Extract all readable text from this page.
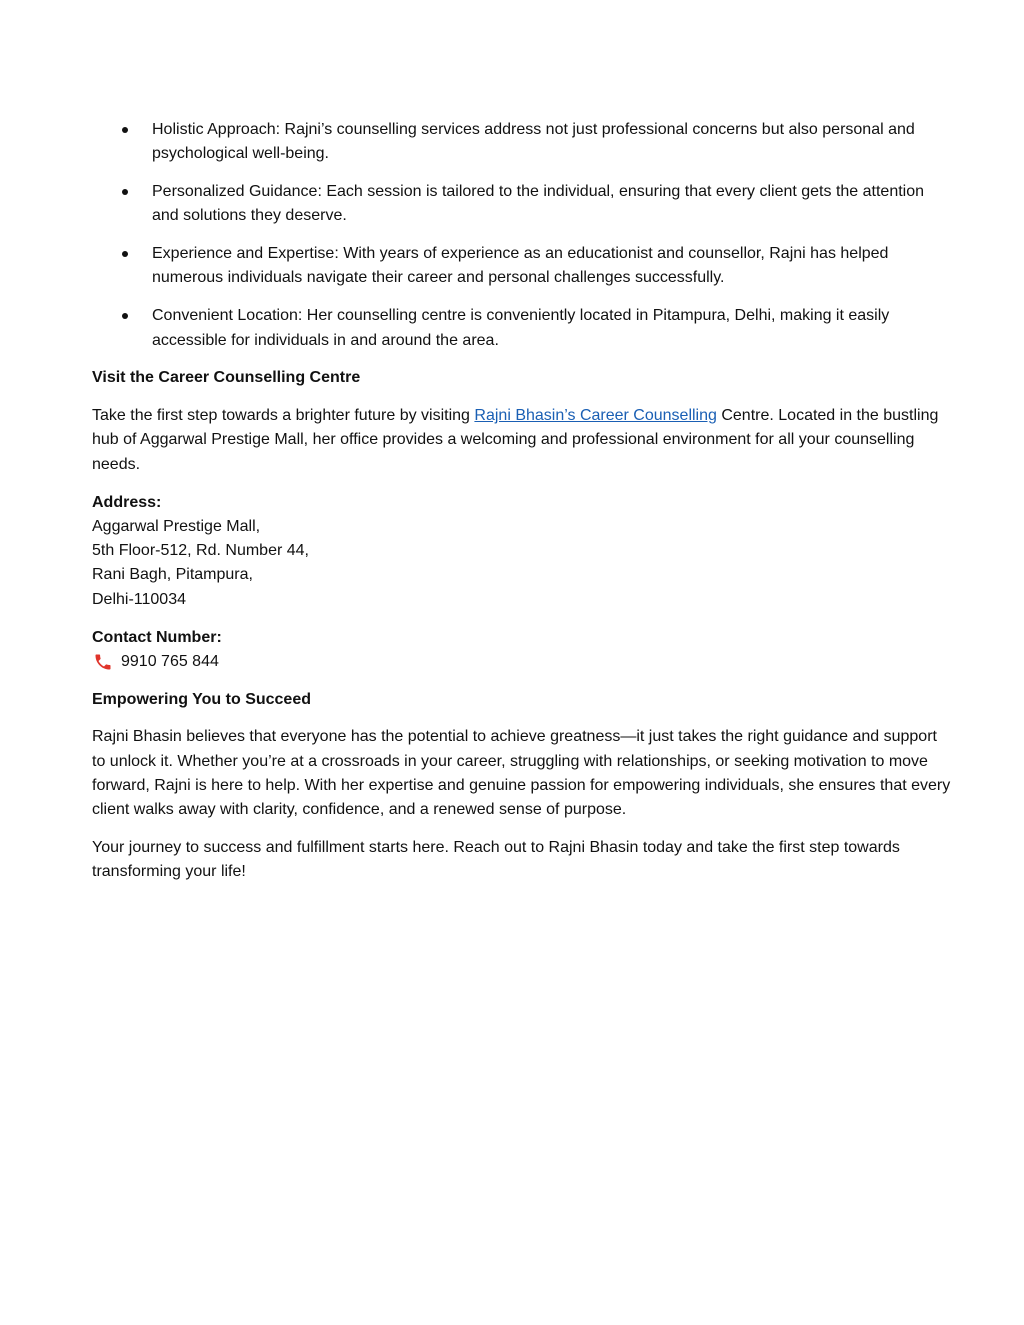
Holistic Approach: Rajni’s counselling services address not just professional concerns but also personal and psychological well-being.
Personalized Guidance: Each session is tailored to the individual, ensuring that every client gets the attention and solutions they deserve.
Experience and Expertise: With years of experience as an educationist and counsellor, Rajni has helped numerous individuals navigate their career and personal challenges successfully.
Convenient Location: Her counselling centre is conveniently located in Pitampura, Delhi, making it easily accessible for individuals in and around the area.
Visit the Career Counselling Centre

Take the first step towards a brighter future by visiting Rajni Bhasin’s Career Counselling Centre. Located in the bustling hub of Aggarwal Prestige Mall, her office provides a welcoming and professional environment for all your counselling needs.

Address:
Aggarwal Prestige Mall,
5th Floor-512, Rd. Number 44,
Rani Bagh, Pitampura,
Delhi-110034
Contact Number:
9910 765 844
Empowering You to Succeed

Rajni Bhasin believes that everyone has the potential to achieve greatness—it just takes the right guidance and support to unlock it. Whether you’re at a crossroads in your career, struggling with relationships, or seeking motivation to move forward, Rajni is here to help. With her expertise and genuine passion for empowering individuals, she ensures that every client walks away with clarity, confidence, and a renewed sense of purpose.

Your journey to success and fulfillment starts here. Reach out to Rajni Bhasin today and take the first step towards transforming your life!
